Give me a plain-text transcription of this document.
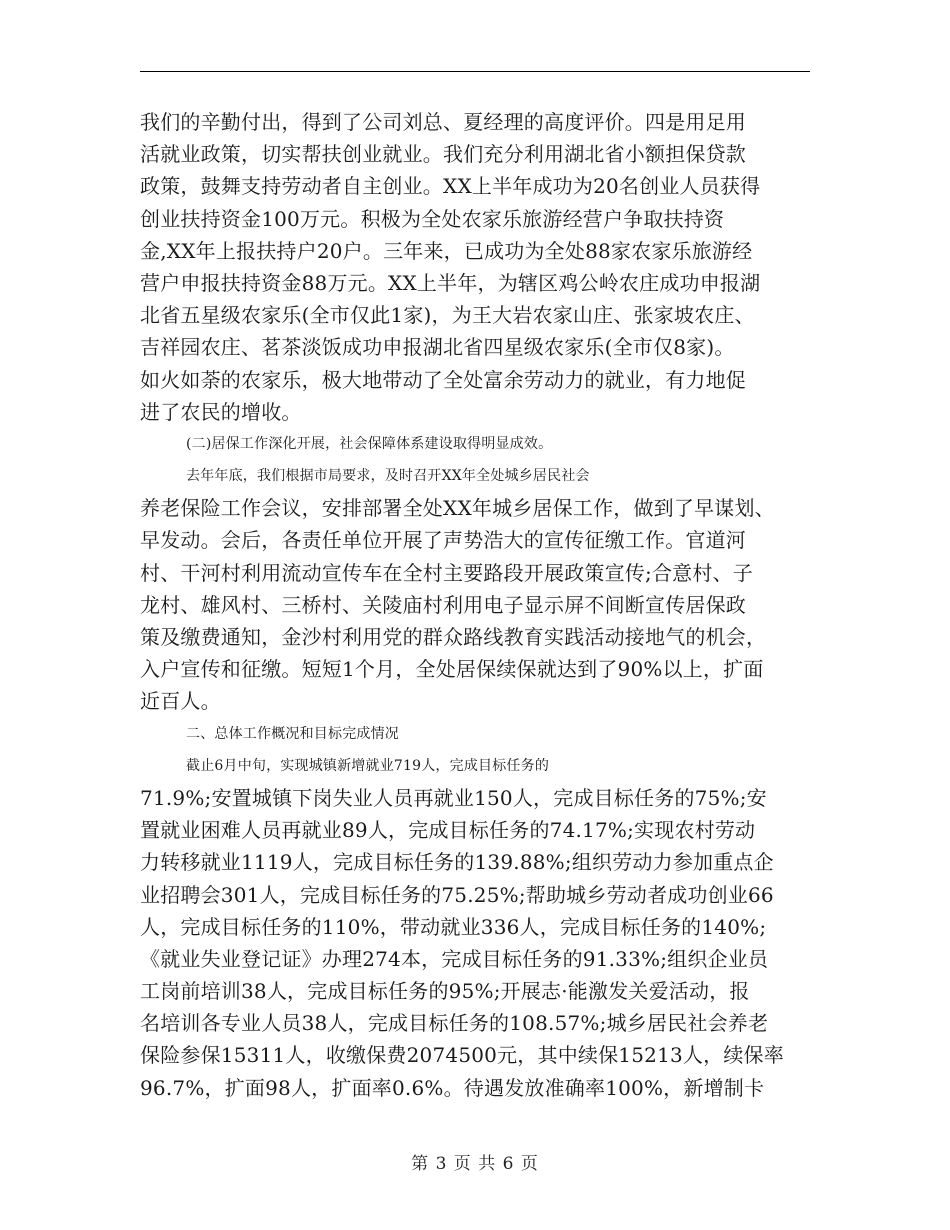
我们的辛勤付出，得到了公司刘总、夏经理的高度评价。四是用足用
活就业政策，切实帮扶创业就业。我们充分利用湖北省小额担保贷款
政策，鼓舞支持劳动者自主创业。XX上半年成功为20名创业人员获得
创业扶持资金100万元。积极为全处农家乐旅游经营户争取扶持资
金,XX年上报扶持户20户。三年来，已成功为全处88家农家乐旅游经
营户申报扶持资金88万元。XX上半年，为辖区鸡公岭农庄成功申报湖
北省五星级农家乐(全市仅此1家)，为王大岩农家山庄、张家坡农庄、
吉祥园农庄、茗茶淡饭成功申报湖北省四星级农家乐(全市仅8家)。
如火如荼的农家乐，极大地带动了全处富余劳动力的就业，有力地促
进了农民的增收。
(二)居保工作深化开展，社会保障体系建设取得明显成效。
去年年底，我们根据市局要求，及时召开XX年全处城乡居民社会
养老保险工作会议，安排部署全处XX年城乡居保工作，做到了早谋划、
早发动。会后，各责任单位开展了声势浩大的宣传征缴工作。官道河
村、干河村利用流动宣传车在全村主要路段开展政策宣传;合意村、子
龙村、雄风村、三桥村、关陵庙村利用电子显示屏不间断宣传居保政
策及缴费通知，金沙村利用党的群众路线教育实践活动接地气的机会，
入户宣传和征缴。短短1个月，全处居保续保就达到了90%以上，扩面
近百人。
二、总体工作概况和目标完成情况
截止6月中旬，实现城镇新增就业719人，完成目标任务的
71.9%;安置城镇下岗失业人员再就业150人，完成目标任务的75%;安
置就业困难人员再就业89人，完成目标任务的74.17%;实现农村劳动
力转移就业1119人，完成目标任务的139.88%;组织劳动力参加重点企
业招聘会301人，完成目标任务的75.25%;帮助城乡劳动者成功创业66
人，完成目标任务的110%，带动就业336人，完成目标任务的140%;
《就业失业登记证》办理274本，完成目标任务的91.33%;组织企业员
工岗前培训38人，完成目标任务的95%;开展志·能激发关爱活动，报
名培训各专业人员38人，完成目标任务的108.57%;城乡居民社会养老
保险参保15311人，收缴保费2074500元，其中续保15213人，续保率
96.7%，扩面98人，扩面率0.6%。待遇发放准确率100%，新增制卡
第 3 页 共 6 页
